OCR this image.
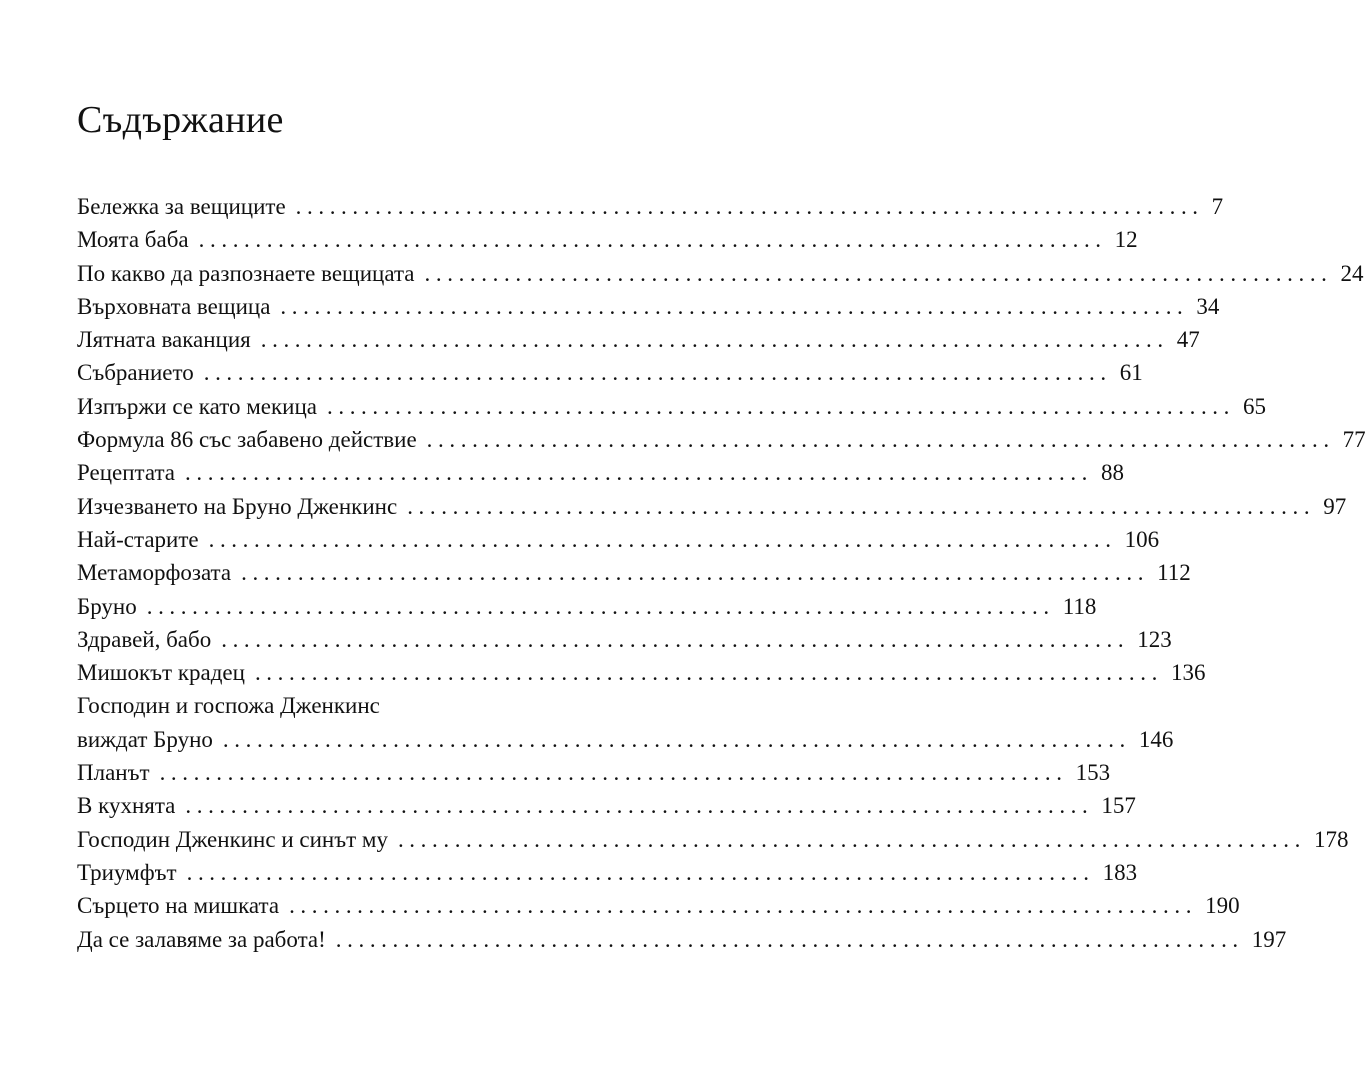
Съдържание
Бележка за вещиците ................................................................................ 7
Моята баба ................................................................................ 12
По какво да разпознаете вещицата ................................................................................ 24
Върховната вещица ................................................................................ 34
Лятната ваканция ................................................................................ 47
Събранието ................................................................................ 61
Изпържи се като мекица ................................................................................ 65
Формула 86 със забавено действие ................................................................................ 77
Рецептата ................................................................................ 88
Изчезването на Бруно Дженкинс ................................................................................ 97
Най-старите ................................................................................ 106
Метаморфозата ................................................................................ 112
Бруно ................................................................................ 118
Здравей, бабо ................................................................................ 123
Мишокът крадец ................................................................................ 136
Господин и госпожа Дженкинс
виждат Бруно ................................................................................ 146
Планът ................................................................................ 153
В кухнята ................................................................................ 157
Господин Дженкинс и синът му ................................................................................ 178
Триумфът ................................................................................ 183
Сърцето на мишката ................................................................................ 190
Да се залавяме за работа! ................................................................................ 197
